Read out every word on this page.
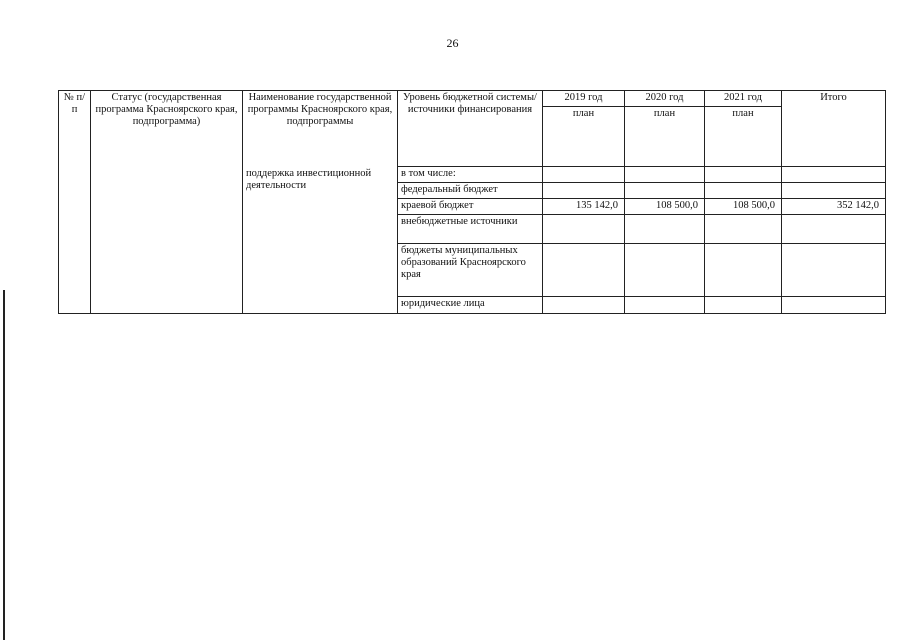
26
№ п/п	Статус (государственная программа Красноярского края, подпрограмма)	Наименование государственной программы Красноярского края, подпрограммы	Уровень бюджетной системы/ источники финансирования	2019 год	2020 год	2021 год	Итого
				план	план	план	
		поддержка инвестиционной деятельности	в том числе:				
			федеральный бюджет				
			краевой бюджет	135 142,0	108 500,0	108 500,0	352 142,0
			внебюджетные источники				
			бюджеты муниципальных образований Красноярского края				
			юридические лица				
